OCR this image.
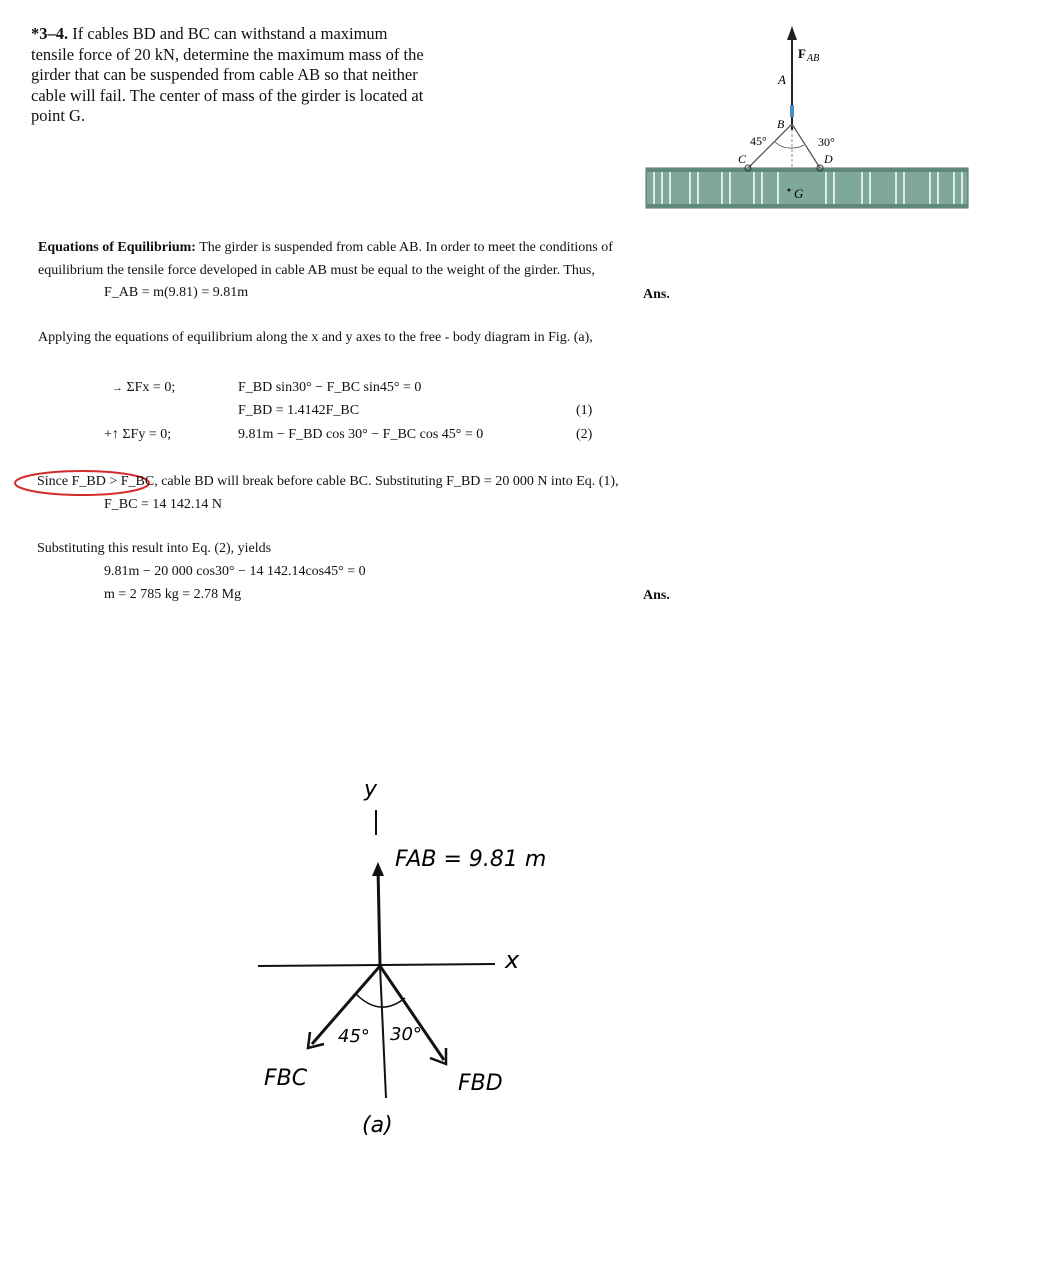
*3–4. If cables BD and BC can withstand a maximum
tensile force of 20 kN, determine the maximum mass of the
girder that can be suspended from cable AB so that neither
cable will fail. The center of mass of the girder is located at
point G.
F AB
A
B
45°	30°
C	D
G
Equations of Equilibrium: The girder is suspended from cable AB. In order to meet the conditions of
equilibrium the tensile force developed in cable AB must be equal to the weight of the girder. Thus,
F_AB = m(9.81) = 9.81m	Ans.
Applying the equations of equilibrium along the x and y axes to the free - body diagram in Fig. (a),
→ ΣFx = 0;	F_BD sin30° − F_BC sin45° = 0
F_BD = 1.4142F_BC	(1)
+↑ ΣFy = 0;	9.81m − F_BD cos 30° − F_BC cos 45° = 0	(2)
Since F_BD > F_BC, cable BD will break before cable BC. Substituting F_BD = 20 000 N into Eq. (1),
F_BC = 14 142.14 N
Substituting this result into Eq. (2), yields
9.81m − 20 000 cos30° − 14 142.14cos45° = 0
m = 2 785 kg = 2.78 Mg	Ans.
y
FAB = 9.81 m
x
FBC	FBD
45° 30°
(a)
